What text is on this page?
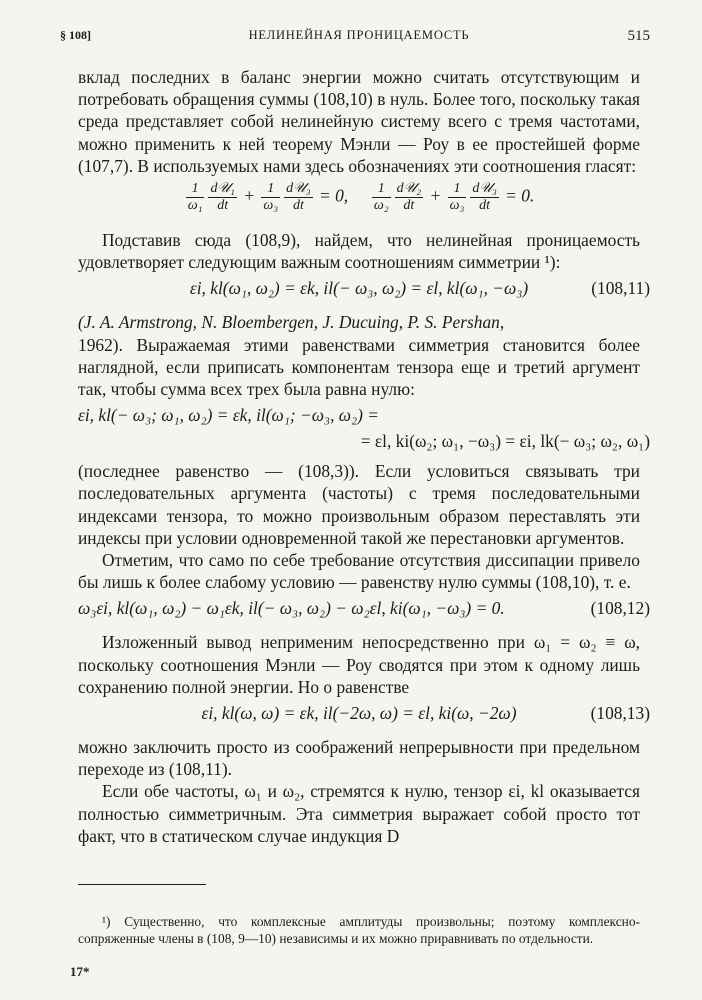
§ 108]	НЕЛИНЕЙНАЯ ПРОНИЦАЕМОСТЬ	515

вклад последних в баланс энергии можно считать отсутствующим и потребовать обращения суммы (108,10) в нуль. Более того, поскольку такая среда представляет собой нелинейную систему всего с тремя частотами, можно применить к ней теорему Мэнли — Роу в ее простейшей форме (107,7). В используемых нами здесь обозначениях эти соотношения гласят:

$\frac{1}{\text{ω₁}} \frac{\text{d𝒰₁}}{dt} + \frac{1}{\text{ω₃}} \frac{\text{d𝒰₃}}{dt} = 0$, $\frac{1}{\text{ω₂}} \frac{\text{d𝒰₂}}{dt} + \frac{1}{\text{ω₃}} \frac{\text{d𝒰₃}}{dt} = 0$.

Подставив сюда (108,9), найдем, что нелинейная проницаемость удовлетворяет следующим важным соотношениям симметрии ¹):

εi, kl(ω₁, ω₂) = εk, il(− ω₃, ω₂) = εl, kl(ω₁, −ω₃)	(108,11)

(J. A. Armstrong, N. Bloembergen, J. Ducuing, P. S. Pershan,

1962). Выражаемая этими равенствами симметрия становится более наглядной, если приписать компонентам тензора еще и третий аргумент так, чтобы сумма всех трех была равна нулю:

εi, kl(− ω₃; ω₁, ω₂) = εk, il(ω₁; −ω₃, ω₂) =
= εl, ki(ω₂; ω₁, −ω₃) = εi, lk(− ω₃; ω₂, ω₁)

(последнее равенство — (108,3)). Если условиться связывать три последовательных аргумента (частоты) с тремя последовательными индексами тензора, то можно произвольным образом переставлять эти индексы при условии одновременной такой же перестановки аргументов.

Отметим, что само по себе требование отсутствия диссипации привело бы лишь к более слабому условию — равенству нулю суммы (108,10), т. е.

ω₃εi, kl(ω₁, ω₂) − ω₁εk, il(− ω₃, ω₂) − ω₂εl, ki(ω₁, −ω₃) = 0.	(108,12)

Изложенный вывод неприменим непосредственно при ω₁ = ω₂ ≡ ω, поскольку соотношения Мэнли — Роу сводятся при этом к одному лишь сохранению полной энергии. Но о равенстве

εi, kl(ω, ω) = εk, il(−2ω, ω) = εl, ki(ω, −2ω)	(108,13)

можно заключить просто из соображений непрерывности при предельном переходе из (108,11).

Если обе частоты, ω₁ и ω₂, стремятся к нулю, тензор εi, kl оказывается полностью симметричным. Эта симметрия выражает собой просто тот факт, что в статическом случае индукция D

¹) Существенно, что комплексные амплитуды произвольны; поэтому комплексно-сопряженные члены в (108, 9—10) независимы и их можно приравнивать по отдельности.

17*
